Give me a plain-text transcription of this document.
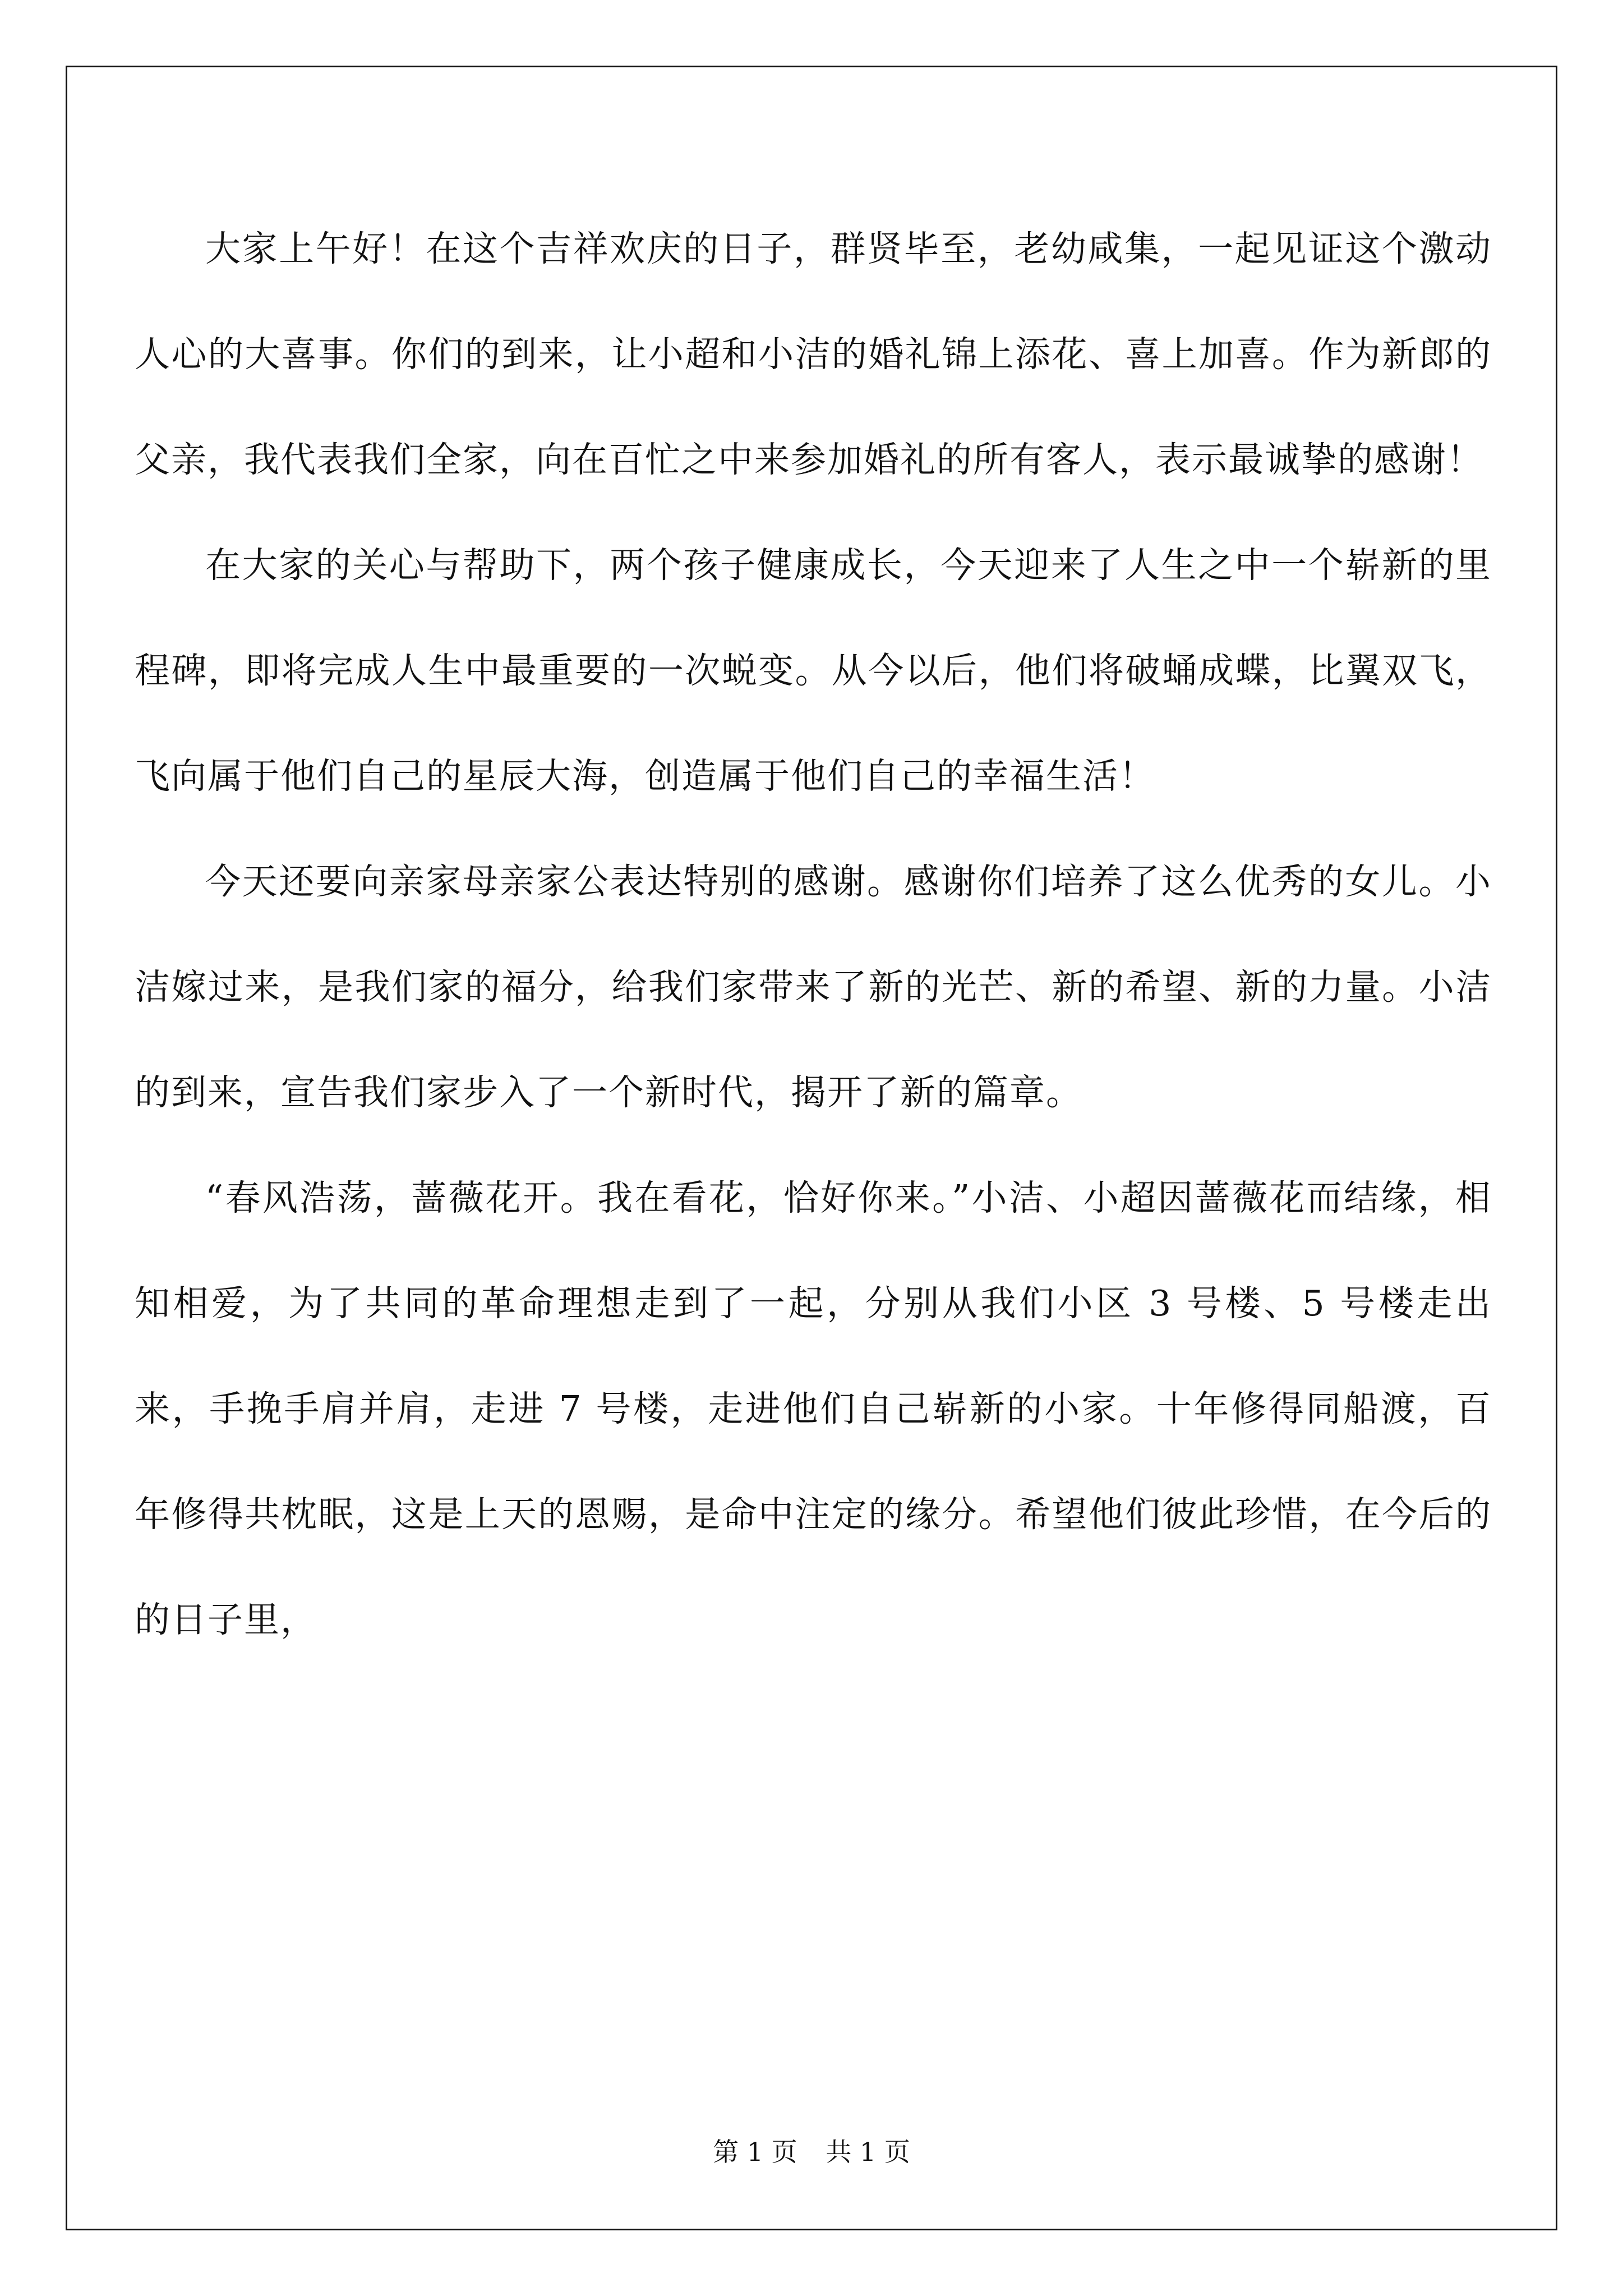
大家上午好！在这个吉祥欢庆的日子，群贤毕至，老幼咸集，一起见证这个激动人心的大喜事。你们的到来，让小超和小洁的婚礼锦上添花、喜上加喜。作为新郎的父亲，我代表我们全家，向在百忙之中来参加婚礼的所有客人，表示最诚挚的感谢！

在大家的关心与帮助下，两个孩子健康成长，今天迎来了人生之中一个崭新的里程碑，即将完成人生中最重要的一次蜕变。从今以后，他们将破蛹成蝶，比翼双飞，飞向属于他们自己的星辰大海，创造属于他们自己的幸福生活！

今天还要向亲家母亲家公表达特别的感谢。感谢你们培养了这么优秀的女儿。小洁嫁过来，是我们家的福分，给我们家带来了新的光芒、新的希望、新的力量。小洁的到来，宣告我们家步入了一个新时代，揭开了新的篇章。

“春风浩荡，蔷薇花开。我在看花，恰好你来。”小洁、小超因蔷薇花而结缘，相知相爱，为了共同的革命理想走到了一起，分别从我们小区 3 号楼、5 号楼走出来，手挽手肩并肩，走进 7 号楼，走进他们自己崭新的小家。十年修得同船渡，百年修得共枕眠，这是上天的恩赐，是命中注定的缘分。希望他们彼此珍惜，在今后的的日子里，

第 1 页 共 1 页
